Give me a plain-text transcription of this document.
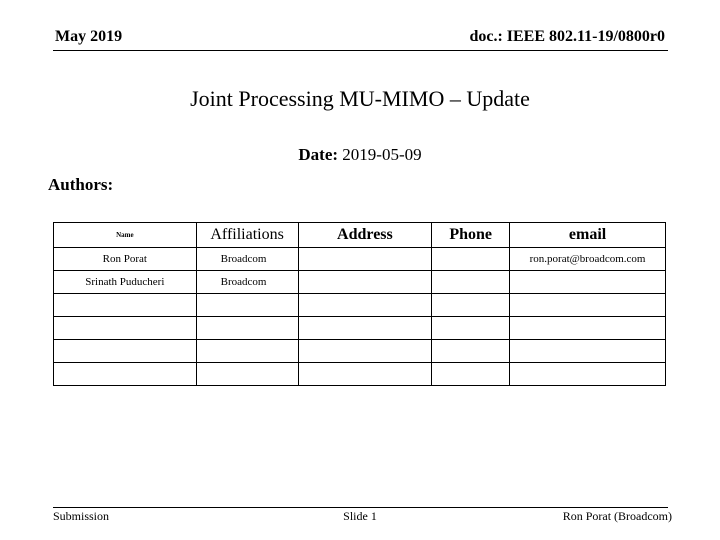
May 2019	doc.: IEEE 802.11-19/0800r0
Joint Processing MU-MIMO – Update
Date: 2019-05-09
Authors:
Name	Affiliations	Address	Phone	email
Ron Porat	Broadcom			ron.porat@broadcom.com
Srinath Puducheri	Broadcom			

Submission	Slide 1	Ron Porat (Broadcom)
